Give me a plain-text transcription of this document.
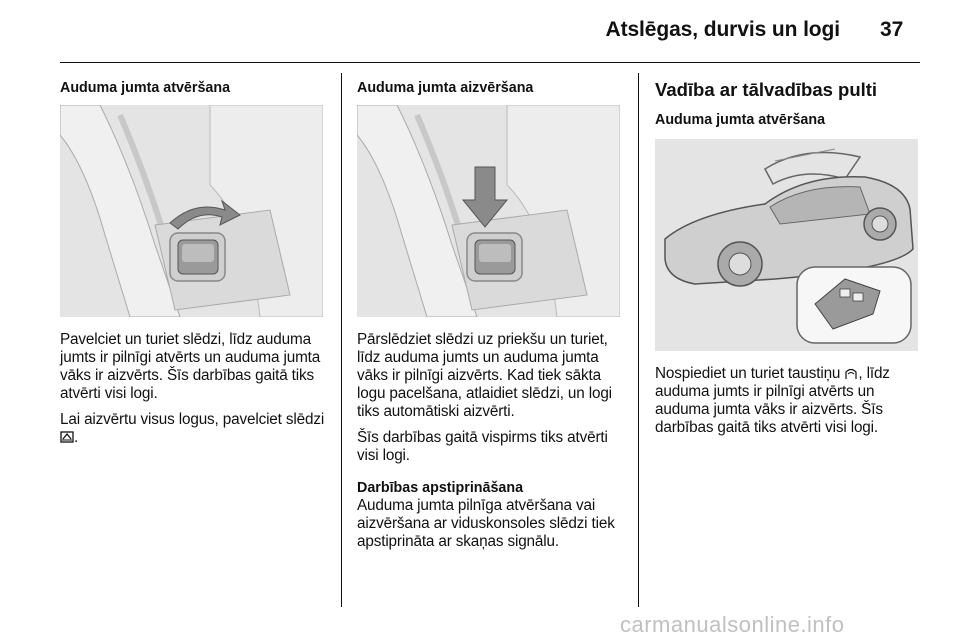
Atslēgas, durvis un logi 37
Auduma jumta atvēršana
Pavelciet un turiet slēdzi, līdz auduma jumts ir pilnīgi atvērts un auduma jumta vāks ir aizvērts. Šīs darbības gaitā tiks atvērti visi logi.
Lai aizvērtu visus logus, pavelciet slēdzi .
Auduma jumta aizvēršana
Pārslēdziet slēdzi uz priekšu un turiet, līdz auduma jumts un auduma jumta vāks ir pilnīgi aizvērts. Kad tiek sākta logu pacelšana, atlaidiet slēdzi, un logi tiks automātiski aizvērti.
Šīs darbības gaitā vispirms tiks atvērti visi logi.
Darbības apstiprināšana
Auduma jumta pilnīga atvēršana vai aizvēršana ar viduskonsoles slēdzi tiek apstiprināta ar skaņas signālu.
Vadība ar tālvadības pulti
Auduma jumta atvēršana
Nospiediet un turiet taustiņu , līdz auduma jumts ir pilnīgi atvērts un auduma jumta vāks ir aizvērts. Šīs darbības gaitā tiks atvērti visi logi.
carmanualsonline.info
